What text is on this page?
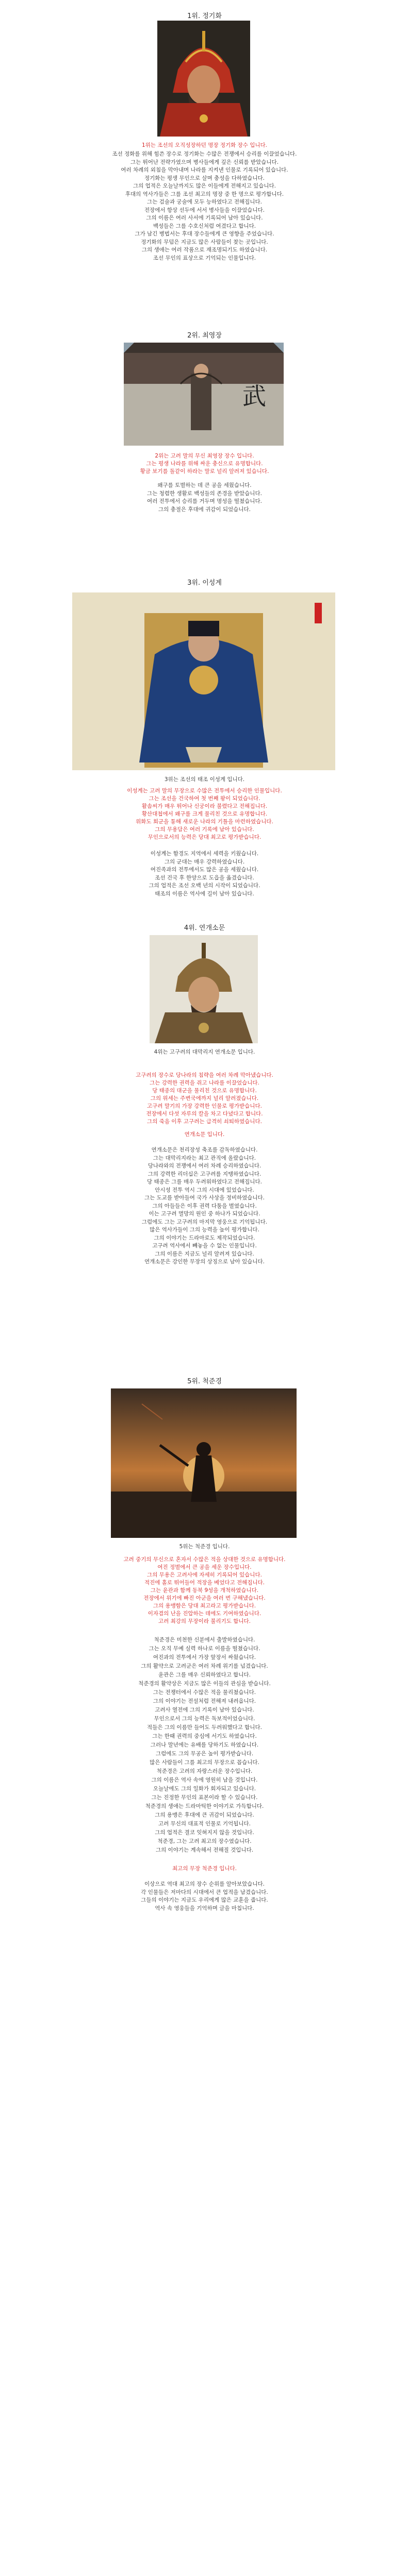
1위. 정기화
1위는 조선의 오직성장하던 명장 정기화 장수 입니다.
조선 정화를 위해 힘쓴 장수로 정기화는 수많은 전쟁에서 승리를 이끌었습니다.
그는 뛰어난 전략가였으며 병사들에게 깊은 신뢰를 받았습니다.
여러 차례의 외침을 막아내며 나라를 지켜낸 인물로 기록되어 있습니다.
정기화는 평생 무인으로 살며 충성을 다하였습니다.
그의 업적은 오늘날까지도 많은 이들에게 전해지고 있습니다.
후대의 역사가들은 그를 조선 최고의 명장 중 한 명으로 평가합니다.
그는 검술과 궁술에 모두 능하였다고 전해집니다.
전장에서 항상 선두에 서서 병사들을 이끌었습니다.
그의 이름은 여러 사서에 기록되어 남아 있습니다.
백성들은 그를 수호신처럼 여겼다고 합니다.
그가 남긴 병법서는 후대 장수들에게 큰 영향을 주었습니다.
정기화의 무덤은 지금도 많은 사람들이 찾는 곳입니다.
그의 생애는 여러 작품으로 재조명되기도 하였습니다.
조선 무인의 표상으로 기억되는 인물입니다.
2위. 최영장
武
2위는 고려 말의 무신 최영장 장수 입니다.
그는 평생 나라를 위해 싸운 충신으로 유명합니다.
황금 보기를 돌같이 하라는 말로 널리 알려져 있습니다.
왜구를 토벌하는 데 큰 공을 세웠습니다.
그는 청렴한 생활로 백성들의 존경을 받았습니다.
여러 전투에서 승리를 거두며 명성을 떨쳤습니다.
그의 충절은 후대에 귀감이 되었습니다.
3위. 이성계
3위는 조선의 태조 이성계 입니다.
이성계는 고려 말의 무장으로 수많은 전투에서 승리한 인물입니다.
그는 조선을 건국하여 첫 번째 왕이 되었습니다.
활솜씨가 매우 뛰어나 신궁이라 불렸다고 전해집니다.
황산대첩에서 왜구를 크게 물리친 것으로 유명합니다.
위화도 회군을 통해 새로운 나라의 기틀을 마련하였습니다.
그의 무용담은 여러 기록에 남아 있습니다.
무인으로서의 능력은 당대 최고로 평가받습니다.
이성계는 함경도 지역에서 세력을 키웠습니다.
그의 군대는 매우 강력하였습니다.
여진족과의 전투에서도 많은 공을 세웠습니다.
조선 건국 후 한양으로 도읍을 옮겼습니다.
그의 업적은 조선 오백 년의 시작이 되었습니다.
태조의 이름은 역사에 길이 남아 있습니다.
4위. 연개소문
4위는 고구려의 대막리지 연개소문 입니다.
고구려의 장수로 당나라의 침략을 여러 차례 막아냈습니다.
그는 강력한 권력을 쥐고 나라를 이끌었습니다.
당 태종의 대군을 물리친 것으로 유명합니다.
그의 위세는 주변국에까지 널리 알려졌습니다.
고구려 말기의 가장 강력한 인물로 평가받습니다.
전장에서 다섯 자루의 칼을 차고 다녔다고 합니다.
그의 죽음 이후 고구려는 급격히 쇠퇴하였습니다.
연개소문 입니다.
연개소문은 천리장성 축조를 감독하였습니다.
그는 대막리지라는 최고 관직에 올랐습니다.
당나라와의 전쟁에서 여러 차례 승리하였습니다.
그의 강력한 리더십은 고구려를 지탱하였습니다.
당 태종은 그를 매우 두려워하였다고 전해집니다.
안시성 전투 역시 그의 시대에 있었습니다.
그는 도교를 받아들여 국가 사상을 정비하였습니다.
그의 아들들은 이후 권력 다툼을 벌였습니다.
이는 고구려 멸망의 원인 중 하나가 되었습니다.
그럼에도 그는 고구려의 마지막 영웅으로 기억됩니다.
많은 역사가들이 그의 능력을 높이 평가합니다.
그의 이야기는 드라마로도 제작되었습니다.
고구려 역사에서 빼놓을 수 없는 인물입니다.
그의 이름은 지금도 널리 알려져 있습니다.
연개소문은 강인한 무장의 상징으로 남아 있습니다.
5위. 척준경
5위는 척준경 입니다.
고려 중기의 무신으로 혼자서 수많은 적을 상대한 것으로 유명합니다.
여진 정벌에서 큰 공을 세운 장수입니다.
그의 무용은 고려사에 자세히 기록되어 있습니다.
적진에 홀로 뛰어들어 적장을 베었다고 전해집니다.
그는 윤관과 함께 동북 9성을 개척하였습니다.
전장에서 위기에 빠진 아군을 여러 번 구해냈습니다.
그의 용맹함은 당대 최고라고 평가받습니다.
이자겸의 난을 진압하는 데에도 기여하였습니다.
고려 최강의 무장이라 불리기도 합니다.
척준경은 미천한 신분에서 출발하였습니다.
그는 오직 무예 실력 하나로 이름을 떨쳤습니다.
여진과의 전투에서 가장 앞장서 싸웠습니다.
그의 활약으로 고려군은 여러 차례 위기를 넘겼습니다.
윤관은 그를 매우 신뢰하였다고 합니다.
척준경의 활약상은 지금도 많은 이들의 관심을 받습니다.
그는 전쟁터에서 수많은 적을 물리쳤습니다.
그의 이야기는 전설처럼 전해져 내려옵니다.
고려사 열전에 그의 기록이 남아 있습니다.
무인으로서 그의 능력은 독보적이었습니다.
적들은 그의 이름만 들어도 두려워했다고 합니다.
그는 한때 권력의 중심에 서기도 하였습니다.
그러나 말년에는 유배를 당하기도 하였습니다.
그럼에도 그의 무공은 높이 평가받습니다.
많은 사람들이 그를 최고의 무장으로 꼽습니다.
척준경은 고려의 자랑스러운 장수입니다.
그의 이름은 역사 속에 영원히 남을 것입니다.
오늘날에도 그의 일화가 회자되고 있습니다.
그는 진정한 무인의 표본이라 할 수 있습니다.
척준경의 생애는 드라마틱한 이야기로 가득합니다.
그의 용맹은 후대에 큰 귀감이 되었습니다.
고려 무신의 대표적 인물로 기억됩니다.
그의 업적은 결코 잊혀지지 않을 것입니다.
척준경, 그는 고려 최고의 장수였습니다.
그의 이야기는 계속해서 전해질 것입니다.
최고의 무장 척준경 입니다.
이상으로 역대 최고의 장수 순위를 알아보았습니다.
각 인물들은 저마다의 시대에서 큰 업적을 남겼습니다.
그들의 이야기는 지금도 우리에게 많은 교훈을 줍니다.
역사 속 영웅들을 기억하며 글을 마칩니다.
